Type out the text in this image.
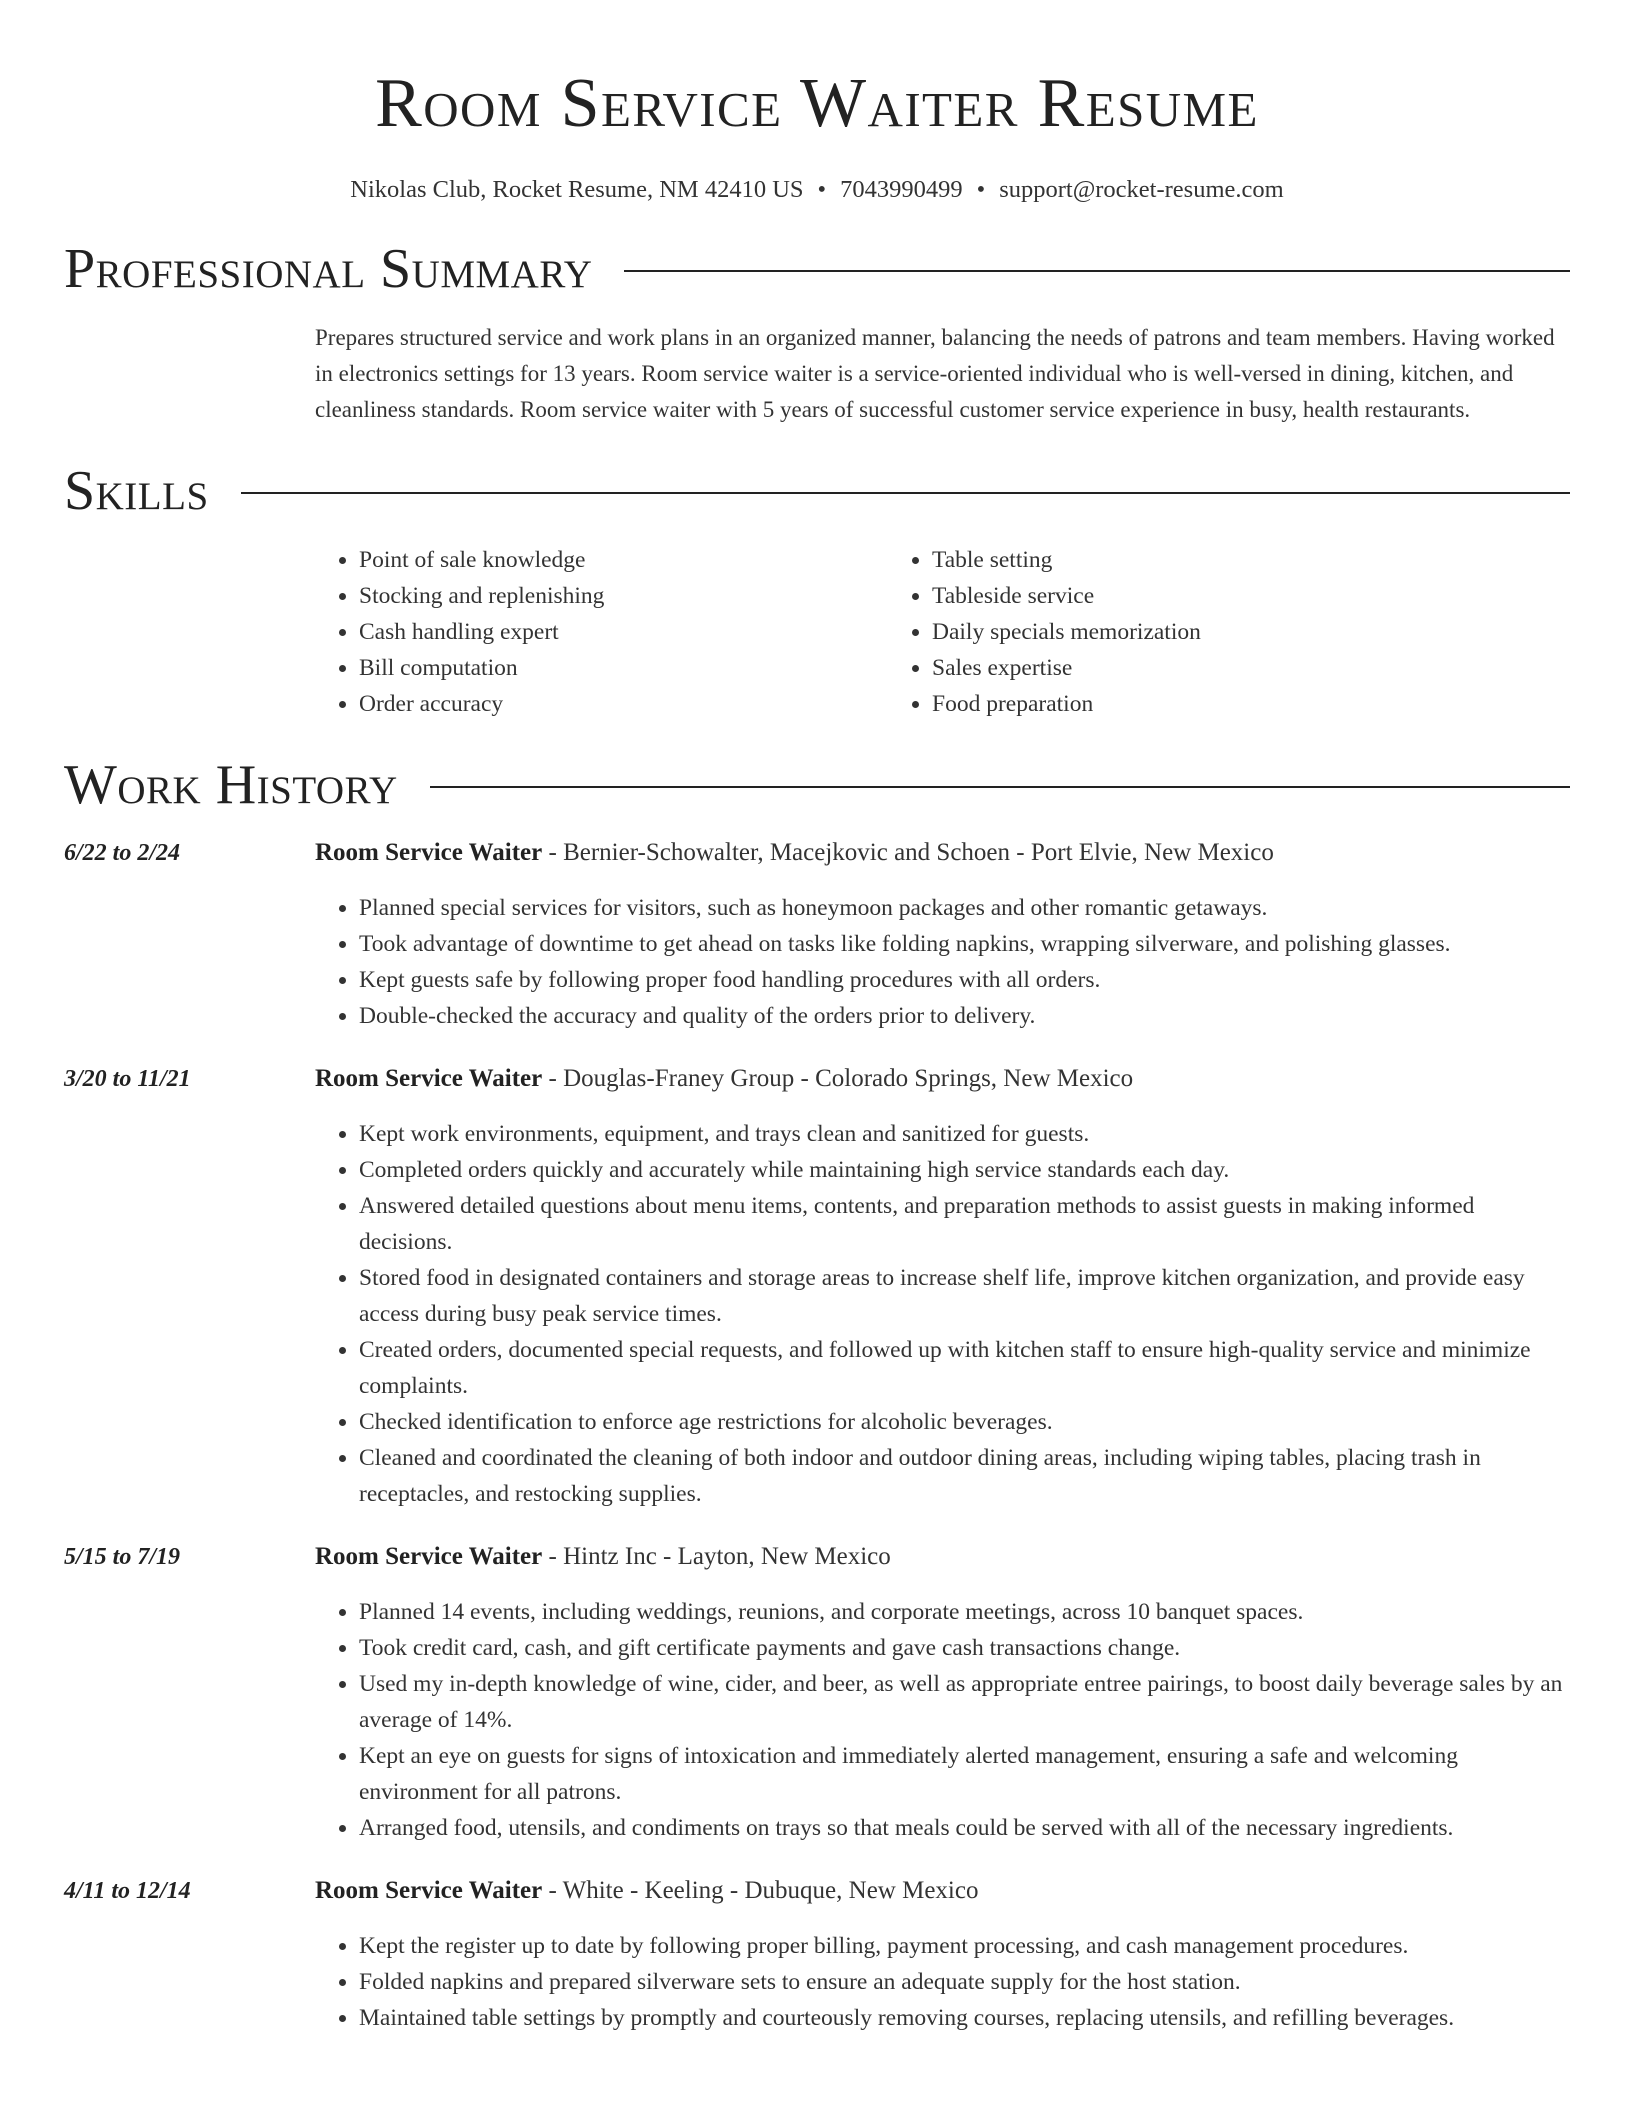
Room Service Waiter Resume
Nikolas Club, Rocket Resume, NM 42410 US • 7043990499 • support@rocket-resume.com
Professional Summary
Prepares structured service and work plans in an organized manner, balancing the needs of patrons and team members. Having worked in electronics settings for 13 years. Room service waiter is a service-oriented individual who is well-versed in dining, kitchen, and cleanliness standards. Room service waiter with 5 years of successful customer service experience in busy, health restaurants.
Skills
• Point of sale knowledge
• Stocking and replenishing
• Cash handling expert
• Bill computation
• Order accuracy
• Table setting
• Tableside service
• Daily specials memorization
• Sales expertise
• Food preparation
Work History
6/22 to 2/24	Room Service Waiter - Bernier-Schowalter, Macejkovic and Schoen - Port Elvie, New Mexico
• Planned special services for visitors, such as honeymoon packages and other romantic getaways.
• Took advantage of downtime to get ahead on tasks like folding napkins, wrapping silverware, and polishing glasses.
• Kept guests safe by following proper food handling procedures with all orders.
• Double-checked the accuracy and quality of the orders prior to delivery.
3/20 to 11/21	Room Service Waiter - Douglas-Franey Group - Colorado Springs, New Mexico
• Kept work environments, equipment, and trays clean and sanitized for guests.
• Completed orders quickly and accurately while maintaining high service standards each day.
• Answered detailed questions about menu items, contents, and preparation methods to assist guests in making informed decisions.
• Stored food in designated containers and storage areas to increase shelf life, improve kitchen organization, and provide easy access during busy peak service times.
• Created orders, documented special requests, and followed up with kitchen staff to ensure high-quality service and minimize complaints.
• Checked identification to enforce age restrictions for alcoholic beverages.
• Cleaned and coordinated the cleaning of both indoor and outdoor dining areas, including wiping tables, placing trash in receptacles, and restocking supplies.
5/15 to 7/19	Room Service Waiter - Hintz Inc - Layton, New Mexico
• Planned 14 events, including weddings, reunions, and corporate meetings, across 10 banquet spaces.
• Took credit card, cash, and gift certificate payments and gave cash transactions change.
• Used my in-depth knowledge of wine, cider, and beer, as well as appropriate entree pairings, to boost daily beverage sales by an average of 14%.
• Kept an eye on guests for signs of intoxication and immediately alerted management, ensuring a safe and welcoming environment for all patrons.
• Arranged food, utensils, and condiments on trays so that meals could be served with all of the necessary ingredients.
4/11 to 12/14	Room Service Waiter - White - Keeling - Dubuque, New Mexico
• Kept the register up to date by following proper billing, payment processing, and cash management procedures.
• Folded napkins and prepared silverware sets to ensure an adequate supply for the host station.
• Maintained table settings by promptly and courteously removing courses, replacing utensils, and refilling beverages.
